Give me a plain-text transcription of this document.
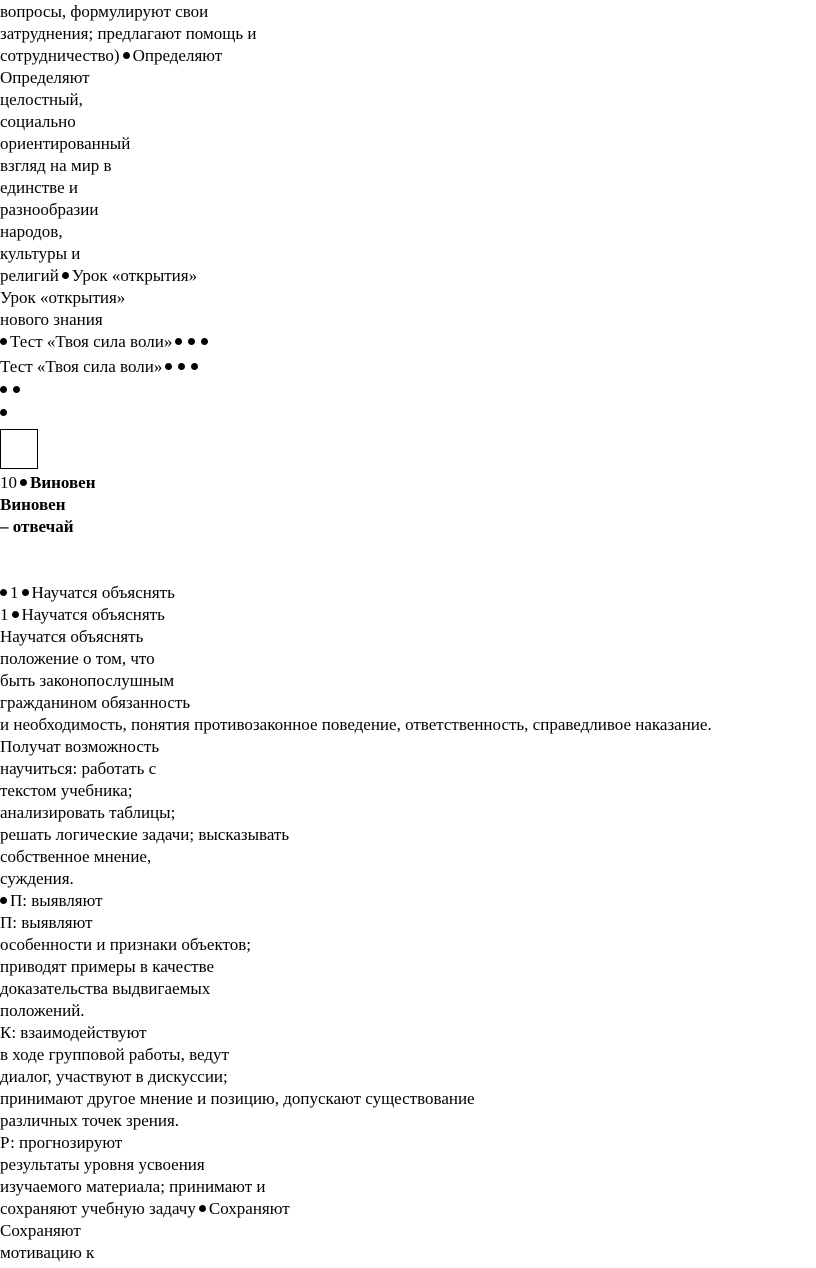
вопросы, формулируют свои
затруднения; предлагают помощь и
сотрудничество) Определяют
Определяют
целостный,
социально
ориентированный
взгляд на мир в
единстве и
разнообразии
народов,
культуры и
религий Урок «открытия»
Урок «открытия»
нового знания
Тест «Твоя сила воли»
Тест «Твоя сила воли»
10 Виновен
Виновен
– отвечай
1 Научатся объяснять
1 Научатся объяснять
Научатся объяснять
положение о том, что
быть законопослушным
гражданином обязанность
и необходимость, понятия противозаконное поведение, ответственность, справедливое наказание.
Получат возможность
научиться: работать с
текстом учебника;
анализировать таблицы;
решать логические задачи; высказывать
собственное мнение,
суждения.
П: выявляют
П: выявляют
особенности и признаки объектов;
приводят примеры в качестве
доказательства выдвигаемых
положений.
К: взаимодействуют
в ходе групповой работы, ведут
диалог, участвуют в дискуссии;
принимают другое мнение и позицию, допускают существование
различных точек зрения.
Р: прогнозируют
результаты уровня усвоения
изучаемого материала; принимают и
сохраняют учебную задачу Сохраняют
Сохраняют
мотивацию к
